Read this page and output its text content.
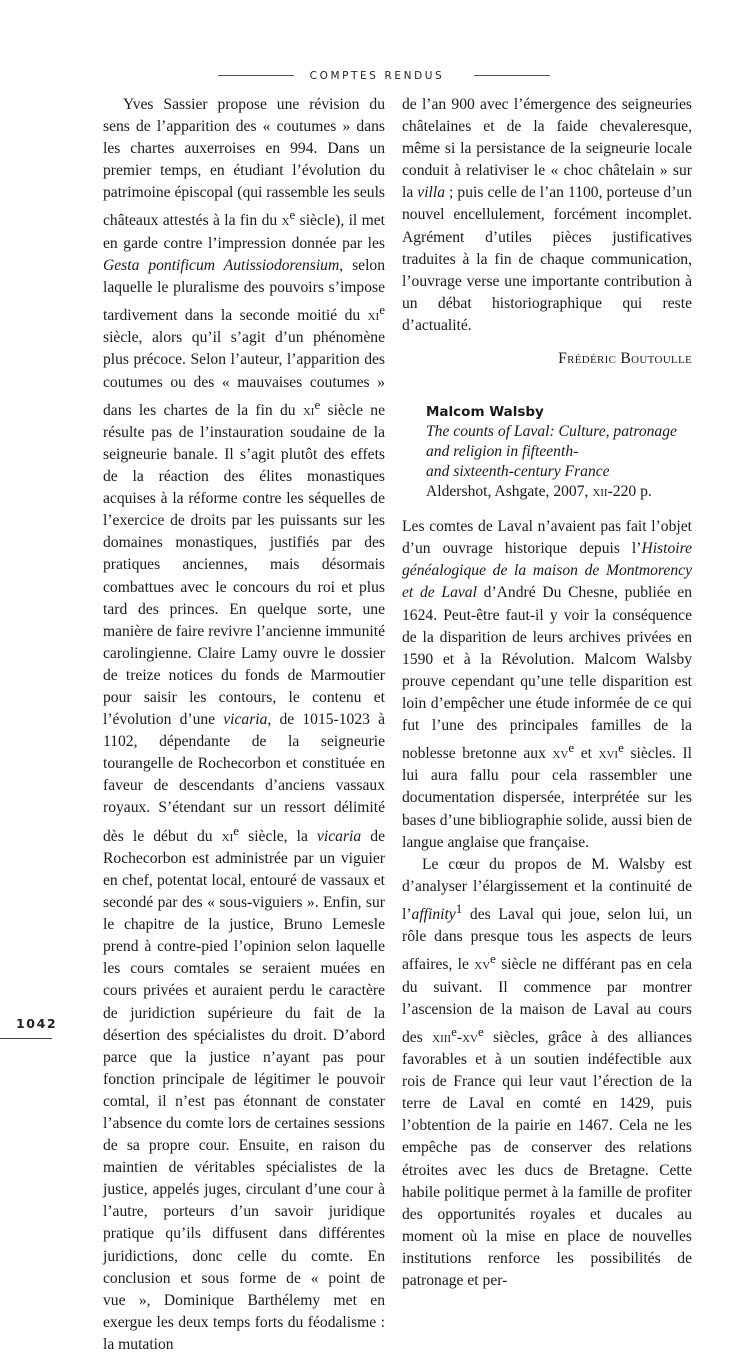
COMPTES RENDUS

Yves Sassier propose une révision du sens de l’apparition des « coutumes » dans les chartes auxerroises en 994. Dans un premier temps, en étudiant l’évolution du patrimoine épiscopal (qui rassemble les seuls châteaux attestés à la fin du $x^e$ siècle), il met en garde contre l’impression donnée par les Gesta pontificum Autissiodorensium, selon laquelle le pluralisme des pouvoirs s’impose tardivement dans la seconde moitié du $xi^e$ siècle, alors qu’il s’agit d’un phénomène plus précoce. Selon l’auteur, l’apparition des coutumes ou des « mauvaises coutumes » dans les chartes de la fin du $xi^e$ siècle ne résulte pas de l’instauration soudaine de la seigneurie banale. Il s’agit plutôt des effets de la réaction des élites monastiques acquises à la réforme contre les séquelles de l’exercice de droits par les puissants sur les domaines monastiques, justifiés par des pratiques anciennes, mais désormais combattues avec le concours du roi et plus tard des princes. En quelque sorte, une manière de faire revivre l’ancienne immunité carolingienne. Claire Lamy ouvre le dossier de treize notices du fonds de Marmoutier pour saisir les contours, le contenu et l’évolution d’une vicaria, de 1015-1023 à 1102, dépendante de la seigneurie tourangelle de Rochecorbon et constituée en faveur de descendants d’anciens vassaux royaux. S’étendant sur un ressort délimité dès le début du $xi^e$ siècle, la vicaria de Rochecorbon est administrée par un viguier en chef, potentat local, entouré de vassaux et secondé par des « sous-viguiers ». Enfin, sur le chapitre de la justice, Bruno Lemesle prend à contre-pied l’opinion selon laquelle les cours comtales se seraient muées en cours privées et auraient perdu le caractère de juridiction supérieure du fait de la désertion des spécialistes du droit. D’abord parce que la justice n’ayant pas pour fonction principale de légitimer le pouvoir comtal, il n’est pas étonnant de constater l’absence du comte lors de certaines sessions de sa propre cour. Ensuite, en raison du maintien de véritables spécialistes de la justice, appelés juges, circulant d’une cour à l’autre, porteurs d’un savoir juridique pratique qu’ils diffusent dans différentes juridictions, donc celle du comte. En conclusion et sous forme de « point de vue », Dominique Barthélemy met en exergue les deux temps forts du féodalisme : la mutation

de l’an 900 avec l’émergence des seigneuries châtelaines et de la faide chevaleresque, même si la persistance de la seigneurie locale conduit à relativiser le « choc châtelain » sur la villa ; puis celle de l’an 1100, porteuse d’un nouvel encellulement, forcément incomplet. Agrément d’utiles pièces justificatives traduites à la fin de chaque communication, l’ouvrage verse une importante contribution à un débat historiographique qui reste d’actualité.

Frédéric Boutoulle

Malcom Walsby
The counts of Laval: Culture, patronage
and religion in fifteenth-
and sixteenth-century France
Aldershot, Ashgate, 2007, xii-220 p.

Les comtes de Laval n’avaient pas fait l’objet d’un ouvrage historique depuis l’Histoire généalogique de la maison de Montmorency et de Laval d’André Du Chesne, publiée en 1624. Peut-être faut-il y voir la conséquence de la disparition de leurs archives privées en 1590 et à la Révolution. Malcom Walsby prouve cependant qu’une telle disparition est loin d’empêcher une étude informée de ce qui fut l’une des principales familles de la noblesse bretonne aux $xv^e$ et xvi$^e$ siècles. Il lui aura fallu pour cela rassembler une documentation dispersée, interprétée sur les bases d’une bibliographie solide, aussi bien de langue anglaise que française.

Le cœur du propos de M. Walsby est d’analyser l’élargissement et la continuité de l’affinity$^1$ des Laval qui joue, selon lui, un rôle dans presque tous les aspects de leurs affaires, le $xv^e$ siècle ne différant pas en cela du suivant. Il commence par montrer l’ascension de la maison de Laval au cours des $xiii^e-xv^e$ siècles, grâce à des alliances favorables et à un soutien indéfectible aux rois de France qui leur vaut l’érection de la terre de Laval en comté en 1429, puis l’obtention de la pairie en 1467. Cela ne les empêche pas de conserver des relations étroites avec les ducs de Bretagne. Cette habile politique permet à la famille de profiter des opportunités royales et ducales au moment où la mise en place de nouvelles institutions renforce les possibilités de patronage et per-

1042
